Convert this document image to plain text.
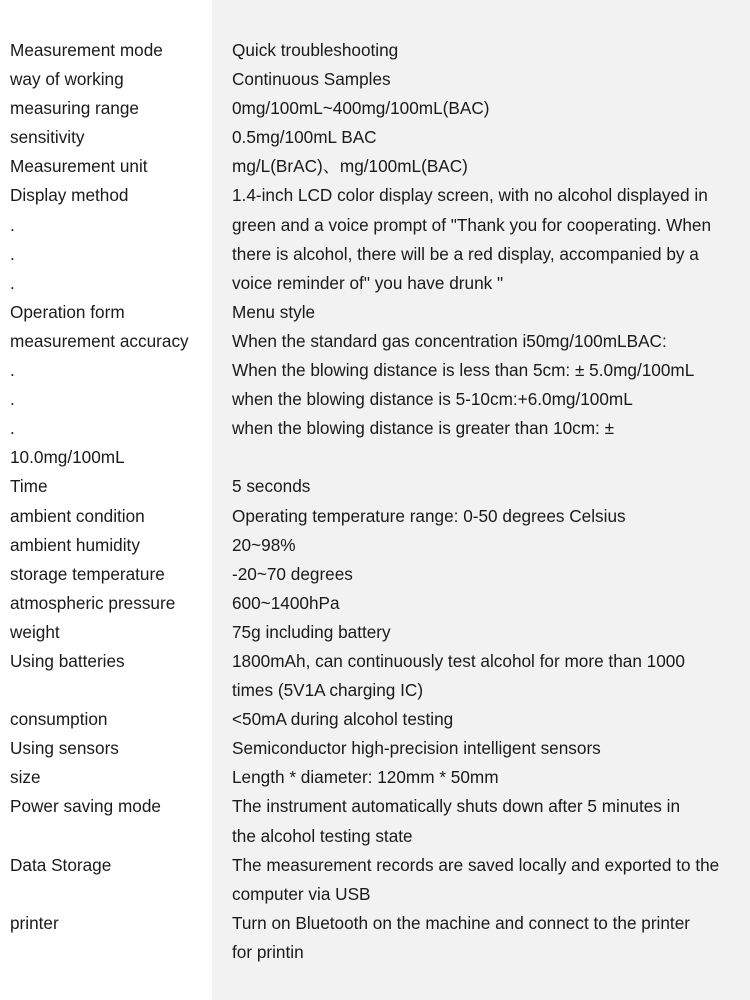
Measurement mode	Quick troubleshooting
way of working	Continuous Samples
measuring range	0mg/100mL~400mg/100mL(BAC)
sensitivity	0.5mg/100mL BAC
Measurement unit	mg/L(BrAC)、mg/100mL(BAC)
Display method	1.4-inch LCD color display screen, with no alcohol displayed in
.	green and a voice prompt of "Thank you for cooperating. When
.	there is alcohol, there will be a red display, accompanied by a
.	voice reminder of" you have drunk "
Operation form	Menu style
measurement accuracy	When the standard gas concentration i50mg/100mLBAC:
.	When the blowing distance is less than 5cm: ± 5.0mg/100mL
.	when the blowing distance is 5-10cm:+6.0mg/100mL
.	when the blowing distance is greater than 10cm: ±
10.0mg/100mL
Time	5 seconds
ambient condition	Operating temperature range: 0-50 degrees Celsius
ambient humidity	20~98%
storage temperature	-20~70 degrees
atmospheric pressure	600~1400hPa
weight	75g including battery
Using batteries	1800mAh, can continuously test alcohol for more than 1000
times (5V1A charging IC)
consumption	<50mA during alcohol testing
Using sensors	Semiconductor high-precision intelligent sensors
size	Length * diameter: 120mm * 50mm
Power saving mode	The instrument automatically shuts down after 5 minutes in
the alcohol testing state
Data Storage	The measurement records are saved locally and exported to the
computer via USB
printer	Turn on Bluetooth on the machine and connect to the printer
for printin
